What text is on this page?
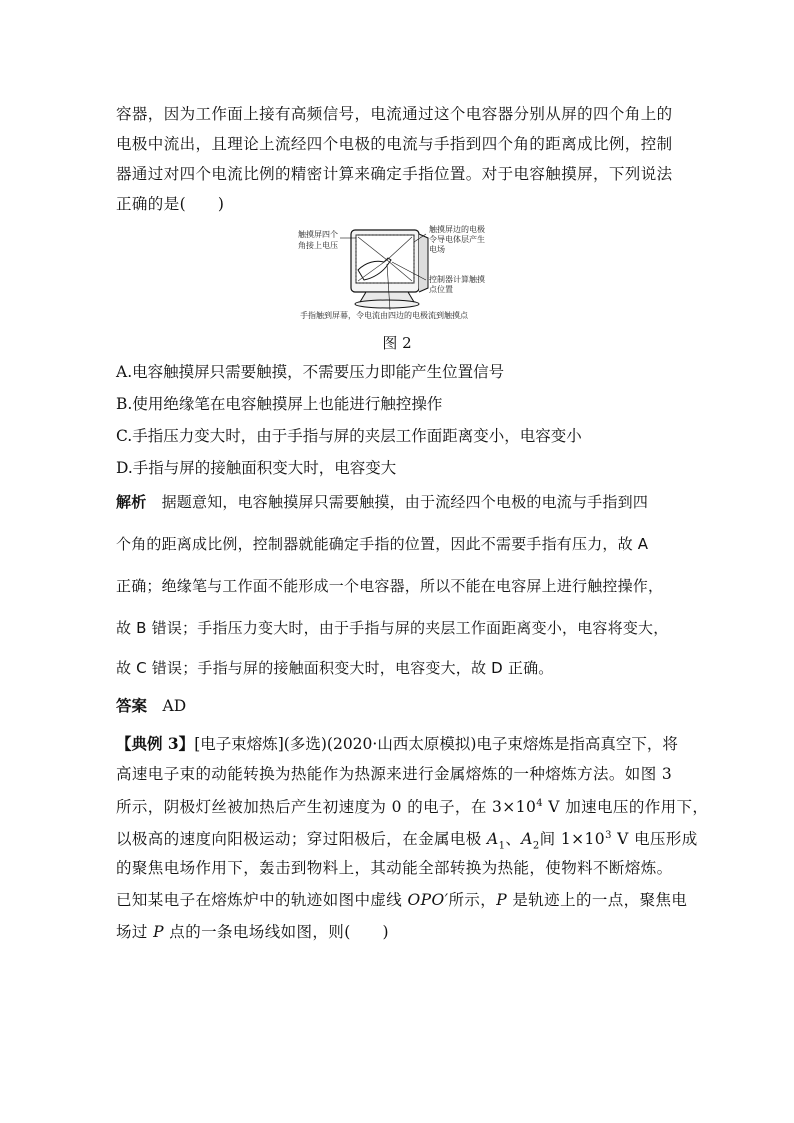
容器，因为工作面上接有高频信号，电流通过这个电容器分别从屏的四个角上的
电极中流出，且理论上流经四个电极的电流与手指到四个角的距离成比例，控制
器通过对四个电流比例的精密计算来确定手指位置。对于电容触摸屏，下列说法
正确的是(　　)
触摸屏四个
角接上电压
触摸屏边的电极
令导电体层产生
电场
控制器计算触摸
点位置
手指触到屏幕，令电流由四边的电极流到触摸点
图 2
A.电容触摸屏只需要触摸，不需要压力即能产生位置信号
B.使用绝缘笔在电容触摸屏上也能进行触控操作
C.手指压力变大时，由于手指与屏的夹层工作面距离变小，电容变小
D.手指与屏的接触面积变大时，电容变大
解析  据题意知，电容触摸屏只需要触摸，由于流经四个电极的电流与手指到四
个角的距离成比例，控制器就能确定手指的位置，因此不需要手指有压力，故 A
正确；绝缘笔与工作面不能形成一个电容器，所以不能在电容屏上进行触控操作，
故 B 错误；手指压力变大时，由于手指与屏的夹层工作面距离变小，电容将变大，
故 C 错误；手指与屏的接触面积变大时，电容变大，故 D 正确。
答案  AD
【典例 3】[电子束熔炼](多选)(2020·山西太原模拟)电子束熔炼是指高真空下，将
高速电子束的动能转换为热能作为热源来进行金属熔炼的一种熔炼方法。如图 3
所示，阴极灯丝被加热后产生初速度为 0 的电子，在 $3\times 10^4$ V 加速电压的作用下，
以极高的速度向阳极运动；穿过阳极后，在金属电极 $A_1$、$A_2$间 $1\times 10^3$ V 电压形成
的聚焦电场作用下，轰击到物料上，其动能全部转换为热能，使物料不断熔炼。
已知某电子在熔炼炉中的轨迹如图中虚线 OPO′所示，P 是轨迹上的一点，聚焦电
场过 P 点的一条电场线如图，则(　　)
